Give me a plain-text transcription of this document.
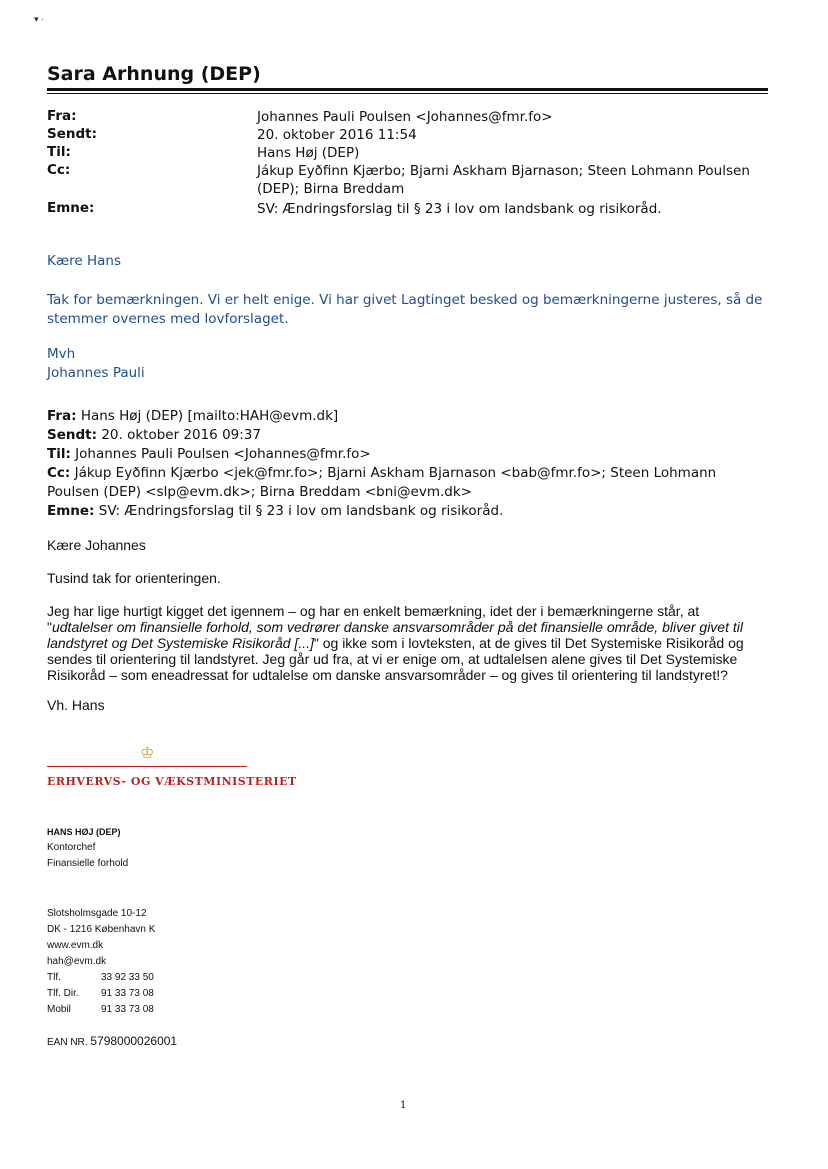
▾ ·
Sara Arhnung (DEP)
Fra:	Johannes Pauli Poulsen <Johannes@fmr.fo>
Sendt:	20. oktober 2016 11:54
Til:	Hans Høj (DEP)
Cc:	Jákup Eyðfinn Kjærbo; Bjarni Askham Bjarnason; Steen Lohmann Poulsen (DEP); Birna Breddam
Emne:	SV: Ændringsforslag til § 23 i lov om landsbank og risikoråd.
Kære Hans
Tak for bemærkningen. Vi er helt enige. Vi har givet Lagtinget besked og bemærkningerne justeres, så de stemmer overnes med lovforslaget.
Mvh
Johannes Pauli
Fra: Hans Høj (DEP) [mailto:HAH@evm.dk]
Sendt: 20. oktober 2016 09:37
Til: Johannes Pauli Poulsen <Johannes@fmr.fo>
Cc: Jákup Eyðfinn Kjærbo <jek@fmr.fo>; Bjarni Askham Bjarnason <bab@fmr.fo>; Steen Lohmann Poulsen (DEP) <slp@evm.dk>; Birna Breddam <bni@evm.dk>
Emne: SV: Ændringsforslag til § 23 i lov om landsbank og risikoråd.
Kære Johannes
Tusind tak for orienteringen.
Jeg har lige hurtigt kigget det igennem – og har en enkelt bemærkning, idet der i bemærkningerne står, at "udtalelser om finansielle forhold, som vedrører danske ansvarsområder på det finansielle område, bliver givet til landstyret og Det Systemiske Risikoråd [...]" og ikke som i lovteksten, at de gives til Det Systemiske Risikoråd og sendes til orientering til landstyret. Jeg går ud fra, at vi er enige om, at udtalelsen alene gives til Det Systemiske Risikoråd – som eneadressat for udtalelse om danske ansvarsområder – og gives til orientering til landstyret!?
Vh. Hans
♔
ERHVERVS- OG VÆKSTMINISTERIET
HANS HØJ (DEP)
Kontorchef
Finansielle forhold
Slotsholmsgade 10-12
DK - 1216 København K
www.evm.dk
hah@evm.dk
Tlf.	33 92 33 50
Tlf. Dir.	91 33 73 08
Mobil	91 33 73 08
EAN NR. 5798000026001
1
